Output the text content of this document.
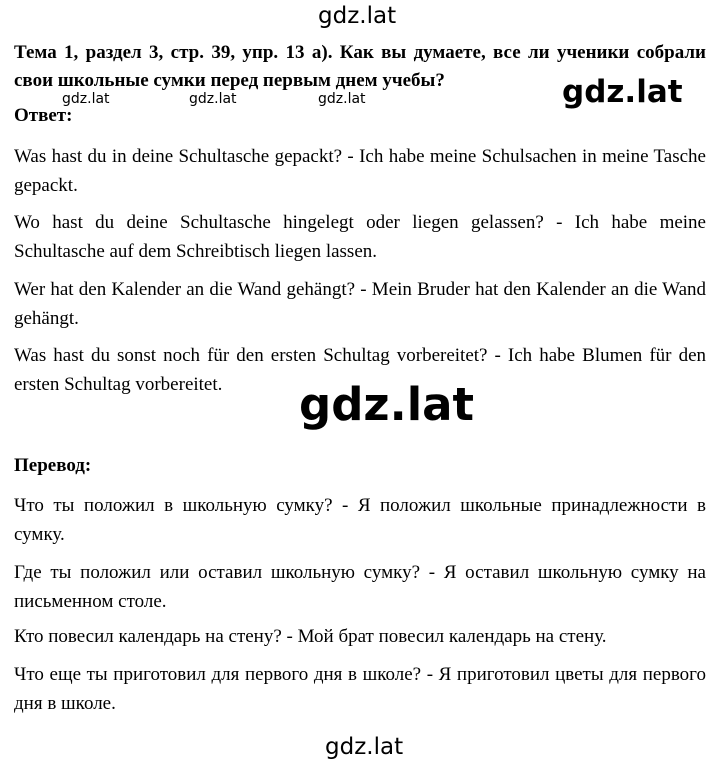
gdz.lat
Тема 1, раздел 3, стр. 39, упр. 13 а). Как вы думаете, все ли ученики собрали свои школьные сумки перед первым днем учебы?
gdz.lat	gdz.lat	gdz.lat	gdz.lat
Ответ:
Was hast du in deine Schultasche gepackt? - Ich habe meine Schulsachen in meine Tasche gepackt.
Wo hast du deine Schultasche hingelegt oder liegen gelassen? - Ich habe meine Schultasche auf dem Schreibtisch liegen lassen.
Wer hat den Kalender an die Wand gehängt? - Mein Bruder hat den Kalender an die Wand gehängt.
Was hast du sonst noch für den ersten Schultag vorbereitet? - Ich habe Blumen für den ersten Schultag vorbereitet.	gdz.lat
Перевод:
Что ты положил в школьную сумку? - Я положил школьные принадлежности в сумку.
Где ты положил или оставил школьную сумку? - Я оставил школьную сумку на письменном столе.
Кто повесил календарь на стену? - Мой брат повесил календарь на стену.
Что еще ты приготовил для первого дня в школе? - Я приготовил цветы для первого дня в школе.
gdz.lat
